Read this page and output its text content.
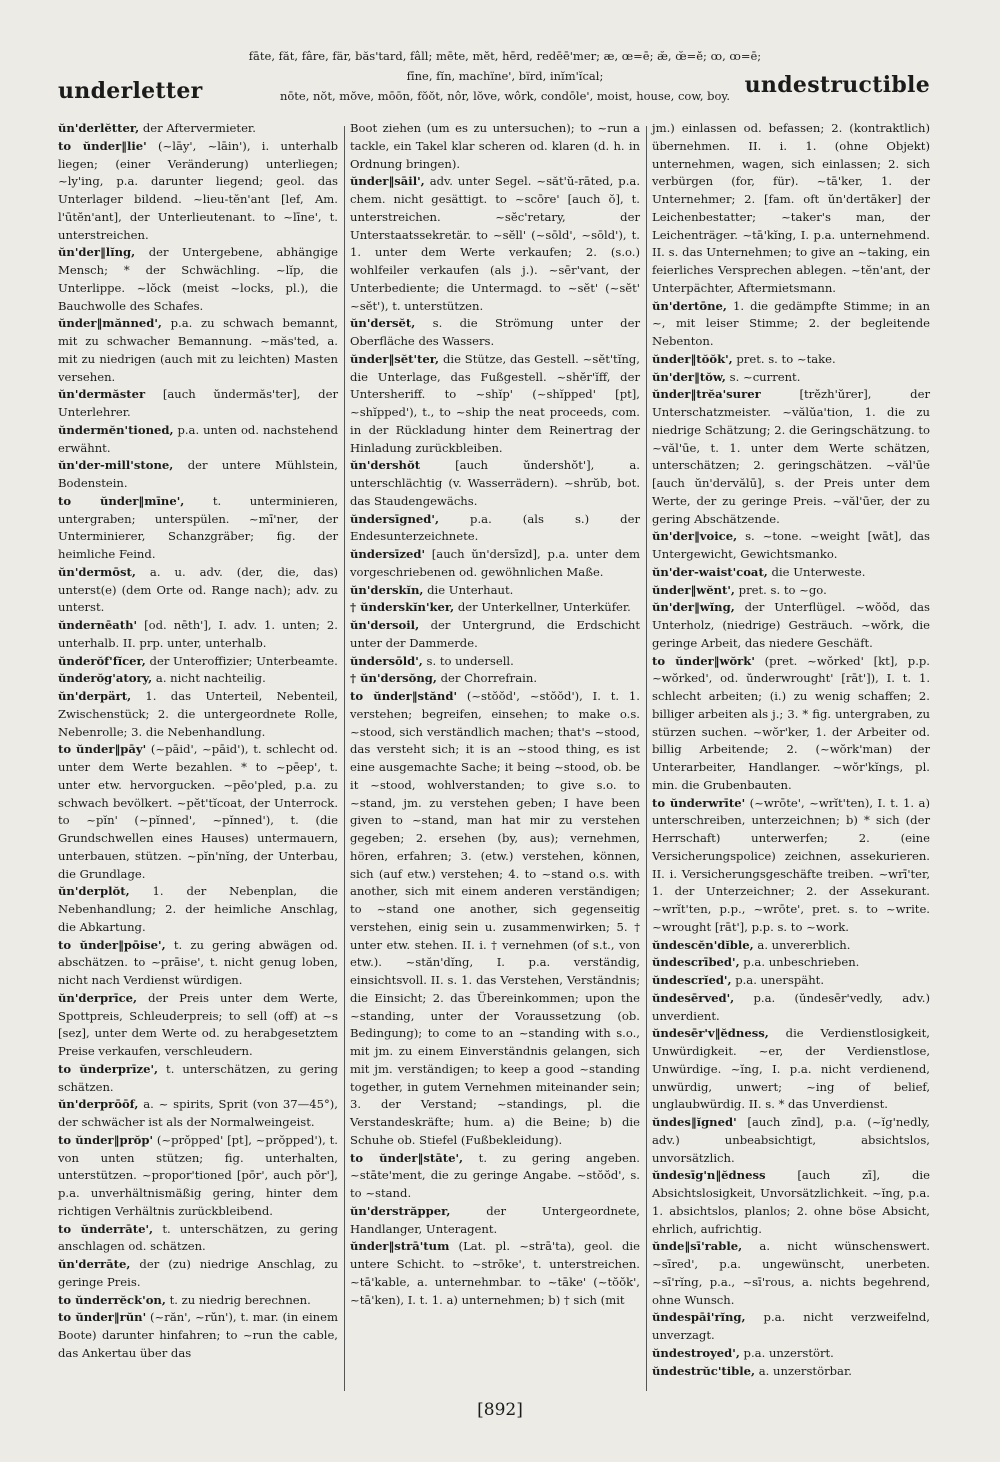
underletter
fāte, făt, fâre, fär, băs'tard, fâll; mēte, mĕt, hērd, redēē'mer; æ, œ=ē; æ̆, œ̆=ĕ; ꝏ, ꝏ=ē;
fīne, fĭn, machïne', bïrd, inĭm'ĭcal;
nōte, nŏt, mŏve, mōōn, fŏŏt, nôr, lŏve, wôrk, condōle', moist, house, cow, boy. undestructible

ŭn'derlĕtter, der Aftervermieter.

to ŭnder‖lie' (~lāy', ~lāin'), i. unterhalb liegen; (einer Veränderung) unterliegen; ~ly'ing, p.a. darunter liegend; geol. das Unterlager bildend. ~lieu-tĕn'ant [lef, Am. l'ūtĕn'ant], der Unterlieutenant. to ~līne', t. unterstreichen.

ŭn'der‖lĭng, der Untergebene, abhängige Mensch; * der Schwächling. ~lĭp, die Unterlippe. ~lŏck (meist ~locks, pl.), die Bauchwolle des Schafes.

ŭnder‖mănned', p.a. zu schwach bemannt, mit zu schwacher Bemannung. ~măs'ted, a. mit zu niedrigen (auch mit zu leichten) Masten versehen.

ŭn'dermăster [auch ŭndermăs'ter], der Unterlehrer.

ŭndermĕn'tioned, p.a. unten od. nachstehend erwähnt.

ŭn'der-mill'stone, der untere Mühlstein, Bodenstein.

to ŭnder‖mīne', t. unterminieren, untergraben; unterspülen. ~mī'ner, der Unterminierer, Schanzgräber; fig. der heimliche Feind.

ŭn'dermōst, a. u. adv. (der, die, das) unterst(e) (dem Orte od. Range nach); adv. zu unterst.

ŭndernēath' [od. nēth'], I. adv. 1. unten; 2. unterhalb. II. prp. unter, unterhalb.

ŭnderŏf'fĭcer, der Unteroffizier; Unterbeamte.

ŭnderŏg'atory, a. nicht nachteilig.

ŭn'derpärt, 1. das Unterteil, Nebenteil, Zwischenstück; 2. die untergeordnete Rolle, Nebenrolle; 3. die Nebenhandlung.

to ŭnder‖pāy' (~pāid', ~pāid'), t. schlecht od. unter dem Werte bezahlen. * to ~pēep', t. unter etw. hervorgucken. ~pēo'pled, p.a. zu schwach bevölkert. ~pĕt'tĭcoat, der Unterrock. to ~pĭn' (~pĭnned', ~pĭnned'), t. (die Grundschwellen eines Hauses) untermauern, unterbauen, stützen. ~pĭn'nĭng, der Unterbau, die Grundlage.

ŭn'derplŏt, 1. der Nebenplan, die Nebenhandlung; 2. der heimliche Anschlag, die Abkartung.

to ŭnder‖pōise', t. zu gering abwägen od. abschätzen. to ~prāise', t. nicht genug loben, nicht nach Verdienst würdigen.

ŭn'derprīce, der Preis unter dem Werte, Spottpreis, Schleuderpreis; to sell (off) at ~s [sez], unter dem Werte od. zu herabgesetztem Preise verkaufen, verschleudern.

to ŭnderprīze', t. unterschätzen, zu gering schätzen.

ŭn'derprōōf, a. ~ spirits, Sprit (von 37—45°), der schwächer ist als der Normalweingeist.

to ŭnder‖prŏp' (~prŏpped' [pt], ~prŏpped'), t. von unten stützen; fig. unterhalten, unterstützen. ~propor'tioned [pōr', auch pŏr'], p.a. unverhältnismäßig gering, hinter dem richtigen Verhältnis zurückbleibend.

to ŭnderrāte', t. unterschätzen, zu gering anschlagen od. schätzen.

ŭn'derrāte, der (zu) niedrige Anschlag, zu geringe Preis.

to ŭnderrĕck'on, t. zu niedrig berechnen.

to ŭnder‖rŭn' (~răn', ~rŭn'), t. mar. (in einem Boote) darunter hinfahren; to ~run the cable, das Ankertau über das

Boot ziehen (um es zu untersuchen); to ~run a tackle, ein Takel klar scheren od. klaren (d. h. in Ordnung bringen).

ŭnder‖sāil', adv. unter Segel. ~săt'ŭ-rāted, p.a. chem. nicht gesättigt. to ~scōre' [auch ŏ], t. unterstreichen. ~sĕc'retary, der Unterstaatssekretär. to ~sĕll' (~sōld', ~sōld'), t. 1. unter dem Werte verkaufen; 2. (s.o.) wohlfeiler verkaufen (als j.). ~sēr'vant, der Unterbediente; die Untermagd. to ~sĕt' (~sĕt' ~sĕt'), t. unterstützen.

ŭn'dersĕt, s. die Strömung unter der Oberfläche des Wassers.

ŭnder‖sĕt'ter, die Stütze, das Gestell. ~sĕt'tĭng, die Unterlage, das Fußgestell. ~shĕr'ĭff, der Untersheriff. to ~shĭp' (~shĭpped' [pt], ~shĭpped'), t., to ~ship the neat proceeds, com. in der Rückladung hinter dem Reinertrag der Hinladung zurückbleiben.

ŭn'dershŏt [auch ŭndershŏt'], a. unterschlächtig (v. Wasserrädern). ~shrŭb, bot. das Staudengewächs.

ŭndersīgned', p.a. (als s.) der Endesunterzeichnete.

ŭndersīzed' [auch ŭn'dersīzd], p.a. unter dem vorgeschriebenen od. gewöhnlichen Maße.

ŭn'derskĭn, die Unterhaut.

† ŭnderskĭn'ker, der Unterkellner, Unterküfer.

ŭn'dersoil, der Untergrund, die Erdschicht unter der Dammerde.

ŭndersōld', s. to undersell.

† ŭn'dersŏng, der Chorrefrain.

to ŭnder‖stănd' (~stŏŏd', ~stŏŏd'), I. t. 1. verstehen; begreifen, einsehen; to make o.s. ~stood, sich verständlich machen; that's ~stood, das versteht sich; it is an ~stood thing, es ist eine ausgemachte Sache; it being ~stood, ob. be it ~stood, wohlverstanden; to give s.o. to ~stand, jm. zu verstehen geben; I have been given to ~stand, man hat mir zu verstehen gegeben; 2. ersehen (by, aus); vernehmen, hören, erfahren; 3. (etw.) verstehen, können, sich (auf etw.) verstehen; 4. to ~stand o.s. with another, sich mit einem anderen verständigen; to ~stand one another, sich gegenseitig verstehen, einig sein u. zusammenwirken; 5. † unter etw. stehen. II. i. † vernehmen (of s.t., von etw.). ~stăn'dĭng, I. p.a. verständig, einsichtsvoll. II. s. 1. das Verstehen, Verständnis; die Einsicht; 2. das Übereinkommen; upon the ~standing, unter der Voraussetzung (ob. Bedingung); to come to an ~standing with s.o., mit jm. zu einem Einverständnis gelangen, sich mit jm. verständigen; to keep a good ~standing together, in gutem Vernehmen miteinander sein; 3. der Verstand; ~standings, pl. die Verstandeskräfte; hum. a) die Beine; b) die Schuhe ob. Stiefel (Fußbekleidung).

to ŭnder‖stāte', t. zu gering angeben. ~stāte'ment, die zu geringe Angabe. ~stŏŏd', s. to ~stand.

ŭn'derstrăpper, der Untergeordnete, Handlanger, Unteragent.

ŭnder‖strā'tum (Lat. pl. ~strā'ta), geol. die untere Schicht. to ~strōke', t. unterstreichen. ~tā'kable, a. unternehmbar. to ~tāke' (~tŏŏk', ~tā'ken), I. t. 1. a) unternehmen; b) † sich (mit

jm.) einlassen od. befassen; 2. (kontraktlich) übernehmen. II. i. 1. (ohne Objekt) unternehmen, wagen, sich einlassen; 2. sich verbürgen (for, für). ~tā'ker, 1. der Unternehmer; 2. [fam. oft ŭn'dertāker] der Leichenbestatter; ~taker's man, der Leichenträger. ~tā'kĭng, I. p.a. unternehmend. II. s. das Unternehmen; to give an ~taking, ein feierliches Versprechen ablegen. ~tĕn'ant, der Unterpächter, Aftermietsmann.

ŭn'dertōne, 1. die gedämpfte Stimme; in an ~, mit leiser Stimme; 2. der begleitende Nebenton.

ŭnder‖tŏŏk', pret. s. to ~take.

ŭn'der‖tŏw, s. ~current.

ŭnder‖trĕa'surer [trĕzh'ŭrer], der Unterschatzmeister. ~vălŭa'tion, 1. die zu niedrige Schätzung; 2. die Geringschätzung. to ~văl'ūe, t. 1. unter dem Werte schätzen, unterschätzen; 2. geringschätzen. ~văl'ūe [auch ŭn'dervălū], s. der Preis unter dem Werte, der zu geringe Preis. ~văl'ūer, der zu gering Abschätzende.

ŭn'der‖voice, s. ~tone. ~weight [wāt], das Untergewicht, Gewichtsmanko.

ŭn'der-waist'coat, die Unterweste.

ŭnder‖wĕnt', pret. s. to ~go.

ŭn'der‖wĭng, der Unterflügel. ~wŏŏd, das Unterholz, (niedrige) Gesträuch. ~wŏrk, die geringe Arbeit, das niedere Geschäft.

to ŭnder‖wŏrk' (pret. ~wŏrked' [kt], p.p. ~wŏrked', od. ŭnderwrought' [rāt']), I. t. 1. schlecht arbeiten; (i.) zu wenig schaffen; 2. billiger arbeiten als j.; 3. * fig. untergraben, zu stürzen suchen. ~wŏr'ker, 1. der Arbeiter od. billig Arbeitende; 2. (~wŏrk'man) der Unterarbeiter, Handlanger. ~wŏr'kĭngs, pl. min. die Grubenbauten.

to ŭnderwrīte' (~wrōte', ~wrĭt'ten), I. t. 1. a) unterschreiben, unterzeichnen; b) * sich (der Herrschaft) unterwerfen; 2. (eine Versicherungspolice) zeichnen, assekurieren. II. i. Versicherungsgeschäfte treiben. ~wrī'ter, 1. der Unterzeichner; 2. der Assekurant. ~wrĭt'ten, p.p., ~wrōte', pret. s. to ~write. ~wrought [rāt'], p.p. s. to ~work.

ŭndescĕn'dĭble, a. unvererblich.

ŭndescrībed', p.a. unbeschrieben.

ŭndescrĭed', p.a. unerspäht.

ŭndesērved', p.a. (ŭndesēr'vedly, adv.) unverdient.

ŭndesēr'v‖ĕdness, die Verdienstlosigkeit, Unwürdigkeit. ~er, der Verdienstlose, Unwürdige. ~ĭng, I. p.a. nicht verdienend, unwürdig, unwert; ~ing of belief, unglaubwürdig. II. s. * das Unverdienst.

ŭndes‖ĭgned' [auch zīnd], p.a. (~ĭg'nedly, adv.) unbeabsichtigt, absichtslos, unvorsätzlich.

ŭndesīg'n‖ĕdness [auch zī], die Absichtslosigkeit, Unvorsätzlichkeit. ~ĭng, p.a. 1. absichtslos, planlos; 2. ohne böse Absicht, ehrlich, aufrichtig.

ŭnde‖sī'rable, a. nicht wünschenswert. ~sīred', p.a. ungewünscht, unerbeten. ~sī'rĭng, p.a., ~sī'rous, a. nichts begehrend, ohne Wunsch.

ŭndespāi'rĭng, p.a. nicht verzweifelnd, unverzagt.

ŭndestroyed', p.a. unzerstört.

ŭndestrŭc'tible, a. unzerstörbar.

[892]
